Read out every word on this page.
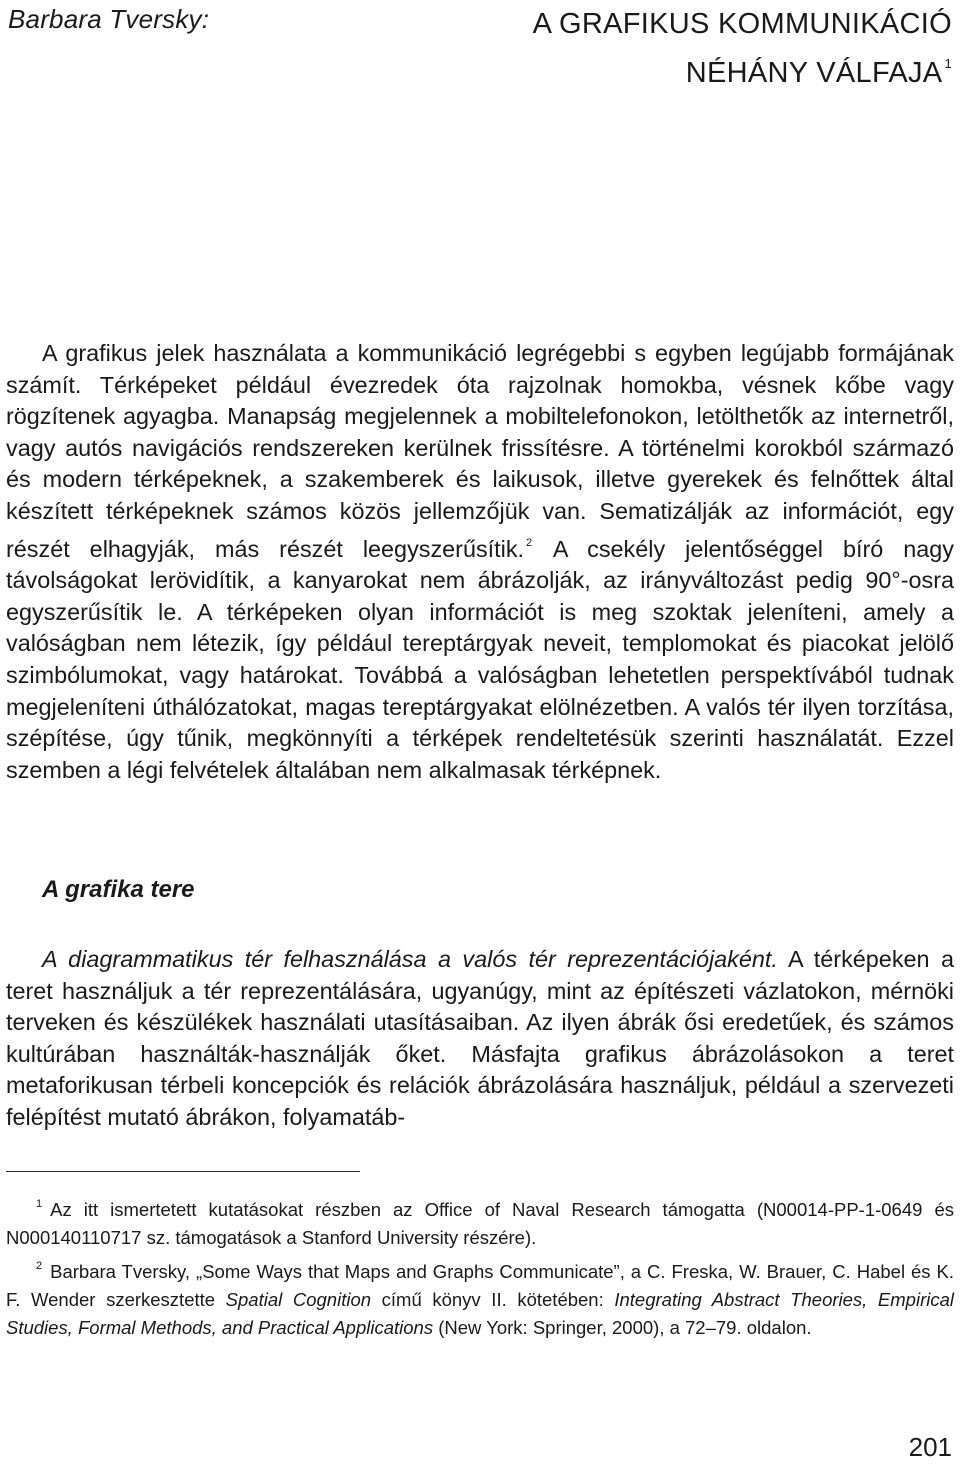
Barbara Tversky:	A GRAFIKUS KOMMUNIKÁCIÓ
NÉHÁNY VÁLFAJA $^1$

A grafikus jelek használata a kommunikáció legrégebbi s egyben legújabb formájának számít. Térképeket például évezredek óta rajzolnak homokba, vésnek kőbe vagy rögzítenek agyagba. Manapság megjelennek a mobiltelefonokon, letölthetők az internetről, vagy autós navigációs rendszereken kerülnek frissítésre. A történelmi korokból származó és modern térképeknek, a szakemberek és laikusok, illetve gyerekek és felnőttek által készített térképeknek számos közös jellemzőjük van. Sematizálják az információt, egy részét elhagyják, más részét leegyszerűsítik. $^2$ A csekély jelentőséggel bíró nagy távolságokat lerövidítik, a kanyarokat nem ábrázolják, az irányváltozást pedig 90°-osra egyszerűsítik le. A térképeken olyan információt is meg szoktak jeleníteni, amely a valóságban nem létezik, így például tereptárgyak neveit, templomokat és piacokat jelölő szimbólumokat, vagy határokat. Továbbá a valóságban lehetetlen perspektívából tudnak megjeleníteni úthálózatokat, magas tereptárgyakat elölnézetben. A valós tér ilyen torzítása, szépítése, úgy tűnik, megkönnyíti a térképek rendeltetésük szerinti használatát. Ezzel szemben a légi felvételek általában nem alkalmasak térképnek.

A grafika tere

A diagrammatikus tér felhasználása a valós tér reprezentációjaként. A térképeken a teret használjuk a tér reprezentálására, ugyanúgy, mint az építészeti vázlatokon, mérnöki terveken és készülékek használati utasításaiban. Az ilyen ábrák ősi eredetűek, és számos kultúrában használták-használják őket. Másfajta grafikus ábrázolásokon a teret metaforikusan térbeli koncepciók és relációk ábrázolására használjuk, például a szervezeti felépítést mutató ábrákon, folyamatáb-

$^1$ Az itt ismertetett kutatásokat részben az Office of Naval Research támogatta (N00014-PP-1-0649 és N000140110717 sz. támogatások a Stanford University részére).

$^2$ Barbara Tversky, „Some Ways that Maps and Graphs Communicate”, a C. Freska, W. Brauer, C. Habel és K. F. Wender szerkesztette Spatial Cognition című könyv II. kötetében: Integrating Abstract Theories, Empirical Studies, Formal Methods, and Practical Applications (New York: Springer, 2000), a 72–79. oldalon.

201
